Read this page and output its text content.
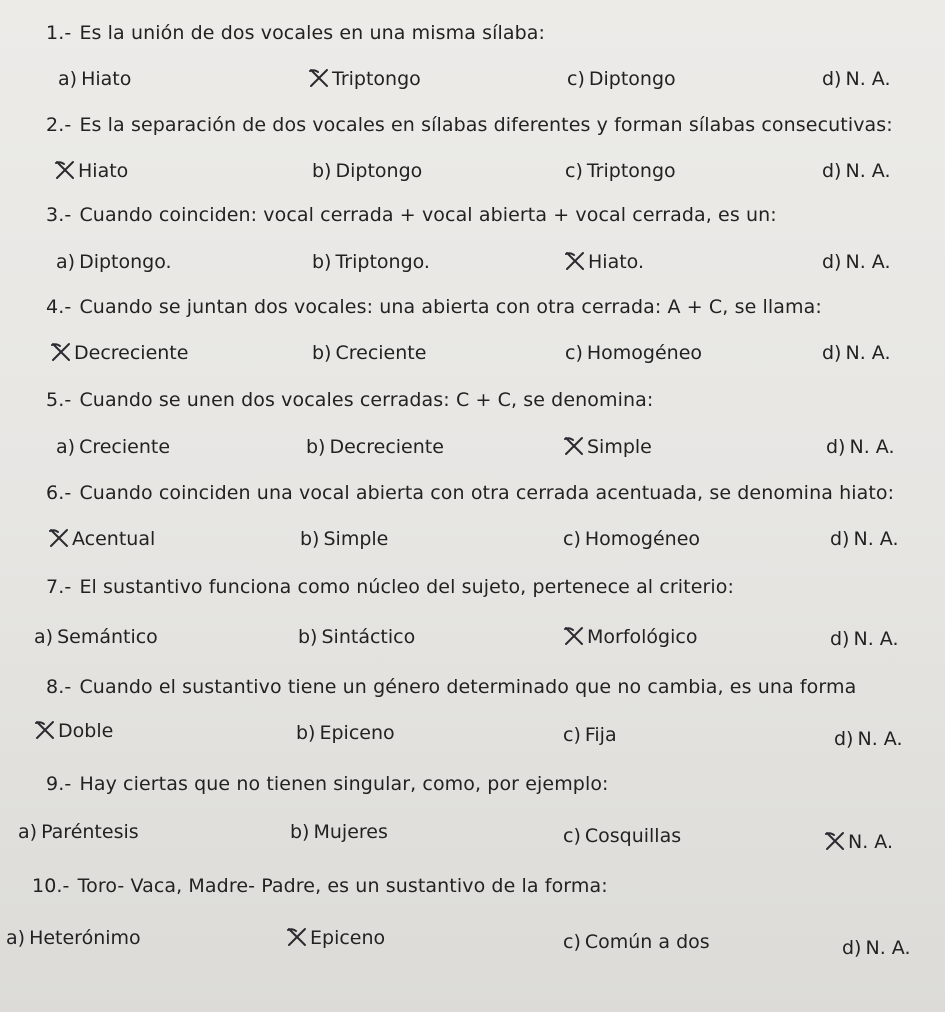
1.- Es la unión de dos vocales en una misma sílaba:
a) Hiato	Triptongo	c) Diptongo	d) N. A.
2.- Es la separación de dos vocales en sílabas diferentes y forman sílabas consecutivas:
Hiato	b) Diptongo	c) Triptongo	d) N. A.
3.- Cuando coinciden: vocal cerrada + vocal abierta + vocal cerrada, es un:
a) Diptongo.	b) Triptongo.	Hiato.	d) N. A.
4.- Cuando se juntan dos vocales: una abierta con otra cerrada: A + C, se llama:
Decreciente	b) Creciente	c) Homogéneo	d) N. A.
5.- Cuando se unen dos vocales cerradas: C + C, se denomina:
a) Creciente	b) Decreciente	Simple	d) N. A.
6.- Cuando coinciden una vocal abierta con otra cerrada acentuada, se denomina hiato:
Acentual	b) Simple	c) Homogéneo	d) N. A.
7.- El sustantivo funciona como núcleo del sujeto, pertenece al criterio:
a) Semántico	b) Sintáctico	Morfológico	d) N. A.
8.- Cuando el sustantivo tiene un género determinado que no cambia, es una forma
Doble	b) Epiceno	c) Fija	d) N. A.
9.- Hay ciertas que no tienen singular, como, por ejemplo:
a) Paréntesis	b) Mujeres	c) Cosquillas	N. A.
10.- Toro- Vaca, Madre- Padre, es un sustantivo de la forma:
a) Heterónimo	Epiceno	c) Común a dos	d) N. A.
